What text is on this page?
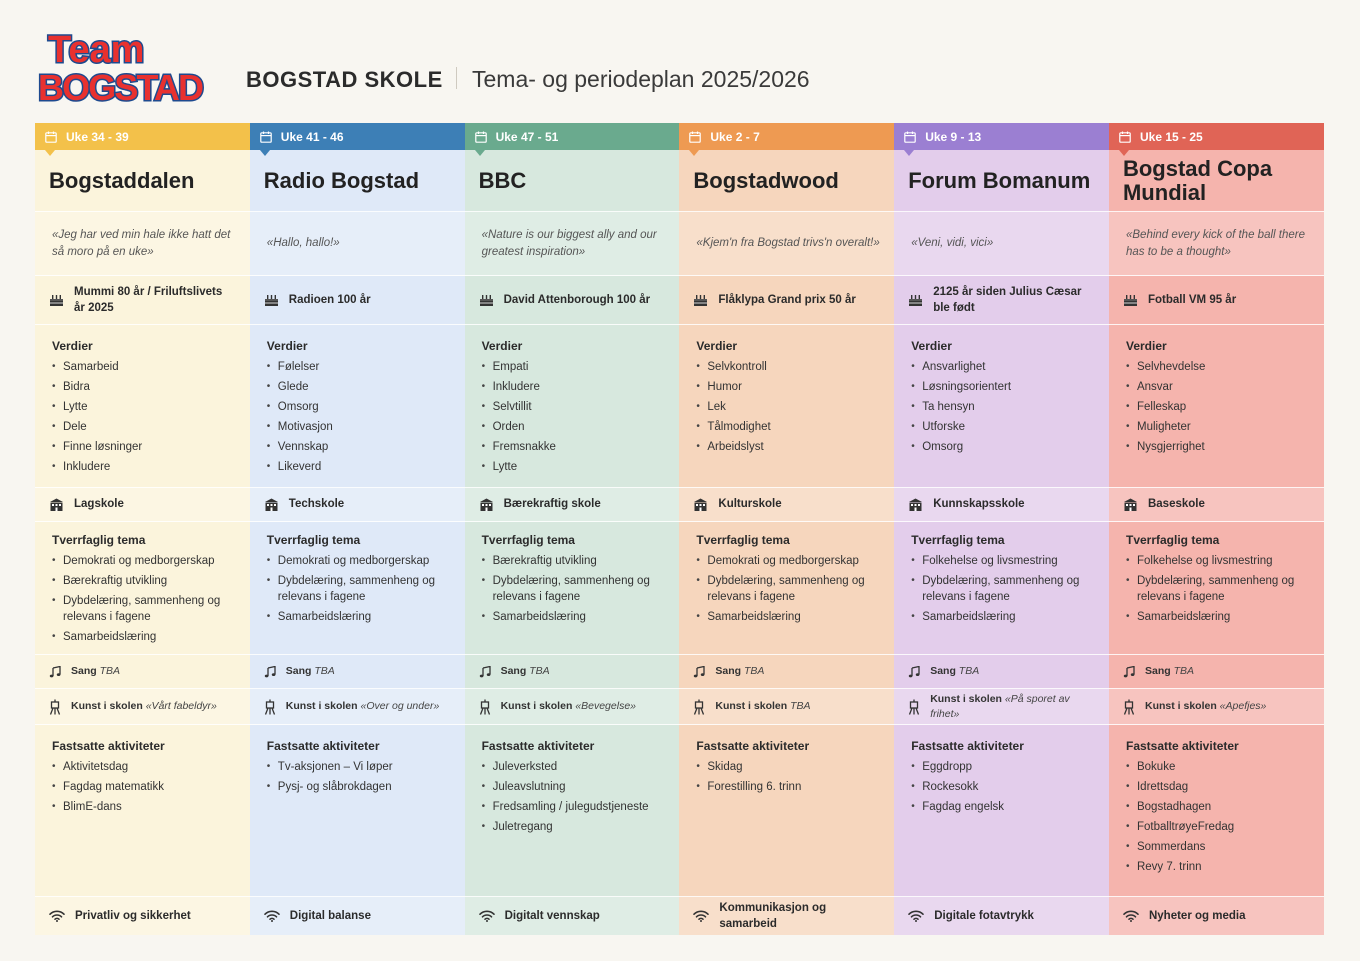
Team
BOGSTAD BOGSTAD SKOLE Tema- og periodeplan 2025/2026
Uke 34 - 39
Bogstaddalen

«Jeg har ved min hale ikke hatt det så moro på en uke»

Mummi 80 år / Friluftslivets år 2025
Verdier
• Samarbeid
• Bidra
• Lytte
• Dele
• Finne løsninger
• Inkludere
Lagskole
Tverrfaglig tema
• Demokrati og medborgerskap
• Bærekraftig utvikling
• Dybdelæring, sammenheng og relevans i fagene
• Samarbeidslæring
Sang TBA
Kunst i skolen «Vårt fabeldyr»
Fastsatte aktiviteter
• Aktivitetsdag
• Fagdag matematikk
• BlimE-dans
Privatliv og sikkerhet
Uke 41 - 46
Radio Bogstad

«Hallo, hallo!»

Radioen 100 år
Verdier
• Følelser
• Glede
• Omsorg
• Motivasjon
• Vennskap
• Likeverd
Techskole
Tverrfaglig tema
• Demokrati og medborgerskap
• Dybdelæring, sammenheng og relevans i fagene
• Samarbeidslæring
Sang TBA
Kunst i skolen «Over og under»
Fastsatte aktiviteter
• Tv-aksjonen – Vi løper
• Pysj- og slåbrokdagen
Digital balanse
Uke 47 - 51
BBC

«Nature is our biggest ally and our greatest inspiration»

David Attenborough 100 år
Verdier
• Empati
• Inkludere
• Selvtillit
• Orden
• Fremsnakke
• Lytte
Bærekraftig skole
Tverrfaglig tema
• Bærekraftig utvikling
• Dybdelæring, sammenheng og relevans i fagene
• Samarbeidslæring
Sang TBA
Kunst i skolen «Bevegelse»
Fastsatte aktiviteter
• Juleverksted
• Juleavslutning
• Fredsamling / julegudstjeneste
• Juletregang
Digitalt vennskap
Uke 2 - 7
Bogstadwood

«Kjem'n fra Bogstad trivs'n overalt!»

Flåklypa Grand prix 50 år
Verdier
• Selvkontroll
• Humor
• Lek
• Tålmodighet
• Arbeidslyst
Kulturskole
Tverrfaglig tema
• Demokrati og medborgerskap
• Dybdelæring, sammenheng og relevans i fagene
• Samarbeidslæring
Sang TBA
Kunst i skolen TBA
Fastsatte aktiviteter
• Skidag
• Forestilling 6. trinn
Kommunikasjon og samarbeid
Uke 9 - 13
Forum Bomanum

«Veni, vidi, vici»

2125 år siden Julius Cæsar ble født
Verdier
• Ansvarlighet
• Løsningsorientert
• Ta hensyn
• Utforske
• Omsorg
Kunnskapsskole
Tverrfaglig tema
• Folkehelse og livsmestring
• Dybdelæring, sammenheng og relevans i fagene
• Samarbeidslæring
Sang TBA
Kunst i skolen «På sporet av frihet»
Fastsatte aktiviteter
• Eggdropp
• Rockesokk
• Fagdag engelsk
Digitale fotavtrykk
Uke 15 - 25
Bogstad Copa Mundial

«Behind every kick of the ball there has to be a thought»

Fotball VM 95 år
Verdier
• Selvhevdelse
• Ansvar
• Felleskap
• Muligheter
• Nysgjerrighet
Baseskole
Tverrfaglig tema
• Folkehelse og livsmestring
• Dybdelæring, sammenheng og relevans i fagene
• Samarbeidslæring
Sang TBA
Kunst i skolen «Apefjes»
Fastsatte aktiviteter
• Bokuke
• Idrettsdag
• Bogstadhagen
• FotballtrøyeFredag
• Sommerdans
• Revy 7. trinn
Nyheter og media
